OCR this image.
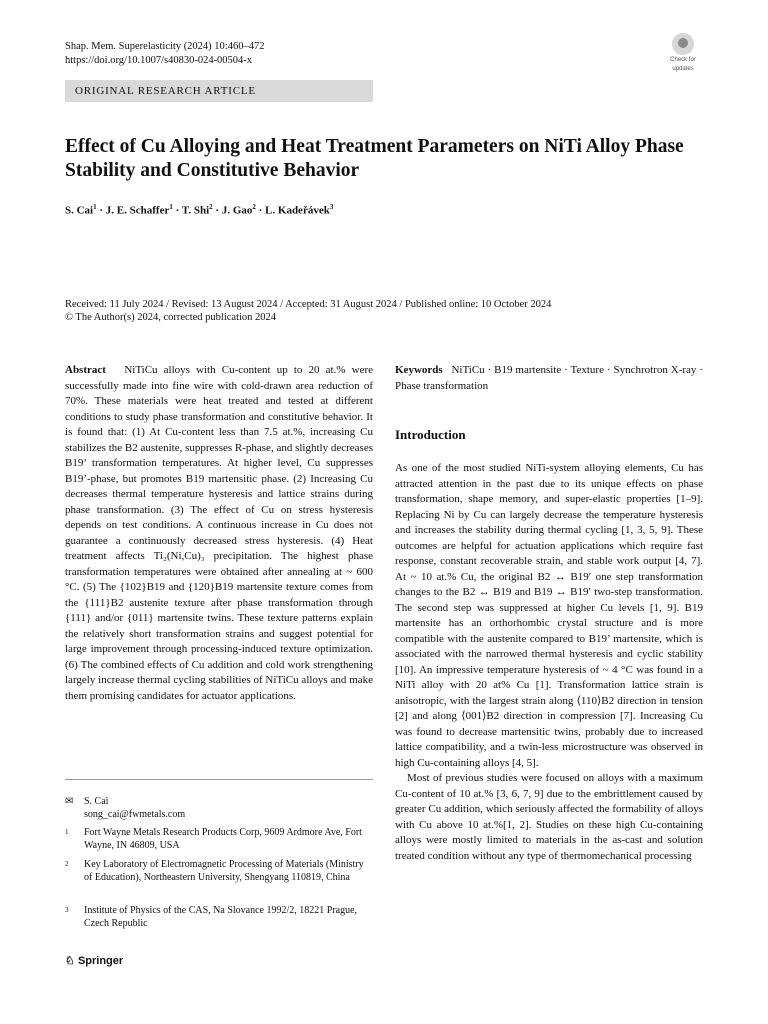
Shap. Mem. Superelasticity (2024) 10:460–472
https://doi.org/10.1007/s40830-024-00504-x	Check for
updates
ORIGINAL RESEARCH ARTICLE
Effect of Cu Alloying and Heat Treatment Parameters on NiTi Alloy Phase Stability and Constitutive Behavior
S. Cai$^1$ · J. E. Schaffer$^1$ · T. Shi$^2$ · J. Gao$^2$ · L. Kadeřávek$^3$
Received: 11 July 2024 / Revised: 13 August 2024 / Accepted: 31 August 2024 / Published online: 10 October 2024
© The Author(s) 2024, corrected publication 2024
Abstract NiTiCu alloys with Cu-content up to 20 at.% were successfully made into fine wire with cold-drawn area reduction of 70%. These materials were heat treated and tested at different conditions to study phase transformation and constitutive behavior. It is found that: (1) At Cu-content less than 7.5 at.%, increasing Cu stabilizes the B2 austenite, suppresses R-phase, and slightly decreases B19’ transformation temperatures. At higher level, Cu suppresses B19’-phase, but promotes B19 martensitic phase. (2) Increasing Cu decreases thermal temperature hysteresis and lattice strains during phase transformation. (3) The effect of Cu on stress hysteresis depends on test conditions. A continuous increase in Cu does not guarantee a continuously decreased stress hysteresis. (4) Heat treatment affects Ti₂(Ni,Cu)₃ precipitation. The highest phase transformation temperatures were obtained after annealing at ~ 600 °C. (5) The {102}B19 and {120}B19 martensite texture comes from the {111}B2 austenite texture after phase transformation through {111} and/or {011} martensite twins. These texture patterns explain the relatively short transformation strains and suggest potential for large improvement through processing-induced texture optimization. (6) The combined effects of Cu addition and cold work strengthening largely increase thermal cycling stabilities of NiTiCu alloys and make them promising candidates for actuator applications.
Keywords NiTiCu · B19 martensite · Texture · Synchrotron X-ray · Phase transformation
Introduction

As one of the most studied NiTi-system alloying elements, Cu has attracted attention in the past due to its unique effects on phase transformation, shape memory, and super-elastic properties [1–9]. Replacing Ni by Cu can largely decrease the temperature hysteresis and increases the stability during thermal cycling [1, 3, 5, 9]. These outcomes are helpful for actuation applications which require fast response, constant recoverable strain, and stable work output [4, 7]. At ~ 10 at.% Cu, the original B2 ↔ B19′ one step transformation changes to the B2 ↔ B19 and B19 ↔ B19′ two-step transformation. The second step was suppressed at higher Cu levels [1, 9]. B19 martensite has an orthorhombic crystal structure and is more compatible with the austenite compared to B19’ martensite, which is associated with the narrowed thermal hysteresis and cyclic stability [10]. An impressive temperature hysteresis of ~ 4 °C was found in a NiTi alloy with 20 at% Cu [1]. Transformation lattice strain is anisotropic, with the largest strain along ⟨110⟩B2 direction in tension [2] and along ⟨001⟩B2 direction in compression [7]. Increasing Cu was found to decrease martensitic twins, probably due to increased lattice compatibility, and a twin-less microstructure was observed in high Cu-containing alloys [4, 5].

Most of previous studies were focused on alloys with a maximum Cu-content of 10 at.% [3, 6, 7, 9] due to the embrittlement caused by greater Cu addition, which seriously affected the formability of alloys with Cu above 10 at.%[1, 2]. Studies on these high Cu-containing alloys were mostly limited to materials in the as-cast and solution treated condition without any type of thermomechanical processing

✉ S. Cai
song_cai@fwmetals.com
1 Fort Wayne Metals Research Products Corp, 9609 Ardmore Ave, Fort Wayne, IN 46809, USA
2 Key Laboratory of Electromagnetic Processing of Materials (Ministry of Education), Northeastern University, Shengyang 110819, China
3 Institute of Physics of the CAS, Na Slovance 1992/2, 18221 Prague, Czech Republic
♘ Springer
